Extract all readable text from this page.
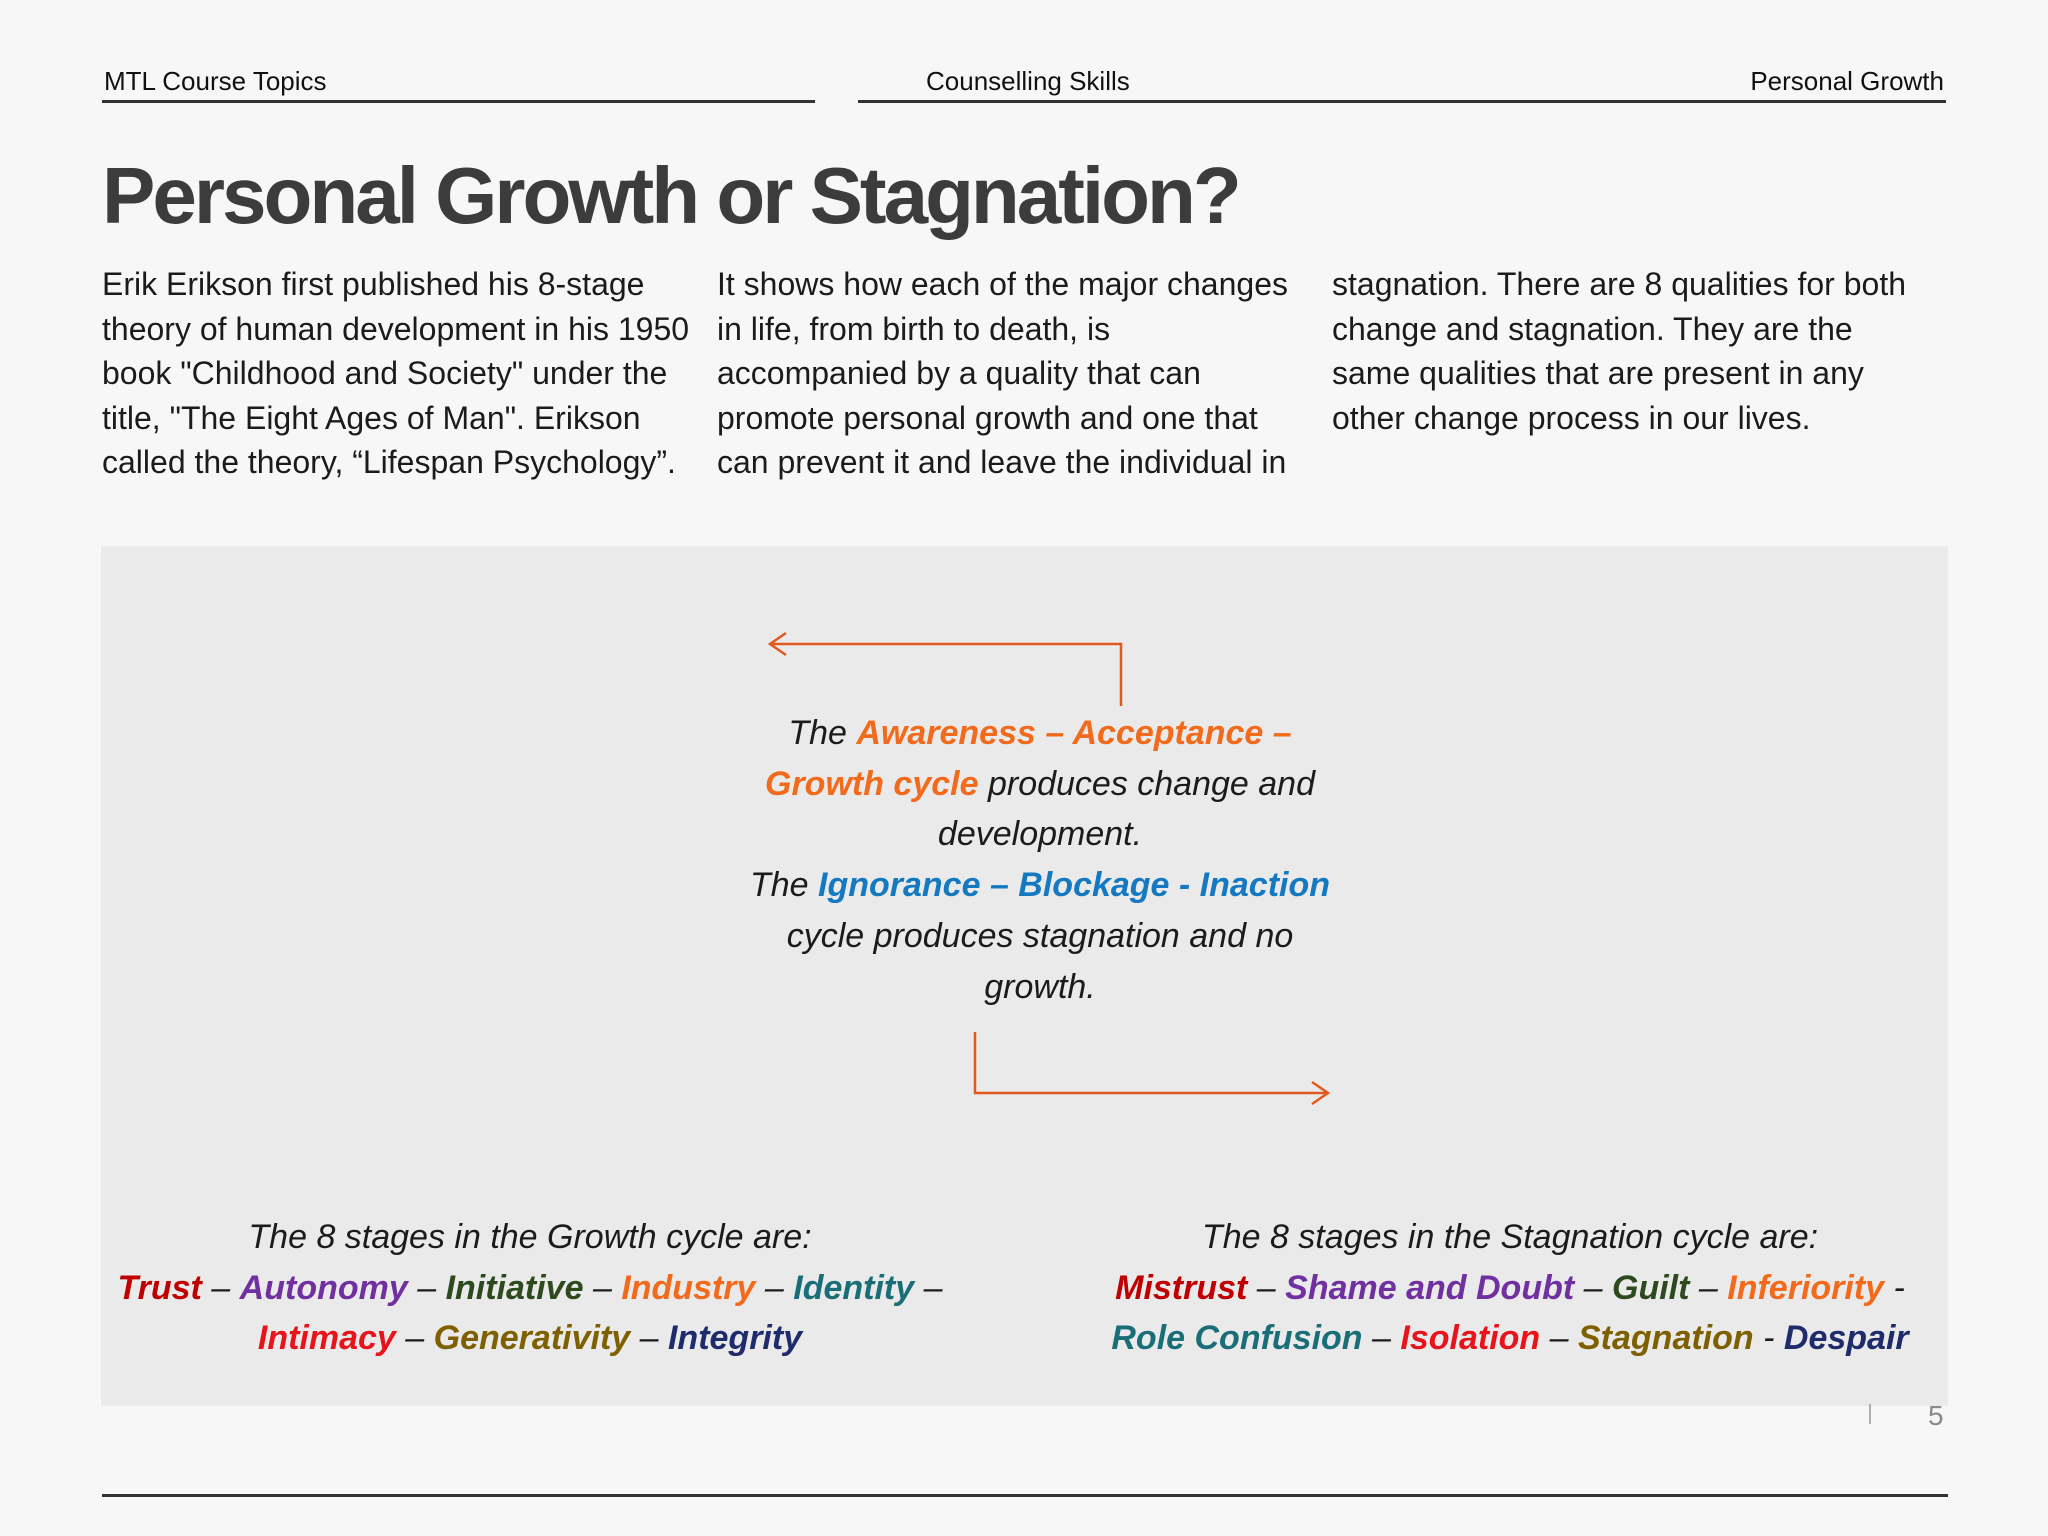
MTL Course Topics	Counselling Skills	Personal Growth
Personal Growth or Stagnation?
Erik Erikson first published his 8-stage theory of human development in his 1950 book "Childhood and Society" under the title, "The Eight Ages of Man". Erikson called the theory, “Lifespan Psychology”.
It shows how each of the major changes in life, from birth to death, is accompanied by a quality that can promote personal growth and one that can prevent it and leave the individual in
stagnation. There are 8 qualities for both change and stagnation. They are the same qualities that are present in any other change process in our lives.
The Awareness – Acceptance – Growth cycle produces change and development.
The Ignorance – Blockage - Inaction cycle produces stagnation and no growth.
The 8 stages in the Growth cycle are:
Trust – Autonomy – Initiative – Industry – Identity –
Intimacy – Generativity – Integrity
The 8 stages in the Stagnation cycle are:
Mistrust – Shame and Doubt – Guilt – Inferiority -
Role Confusion – Isolation – Stagnation - Despair
5
